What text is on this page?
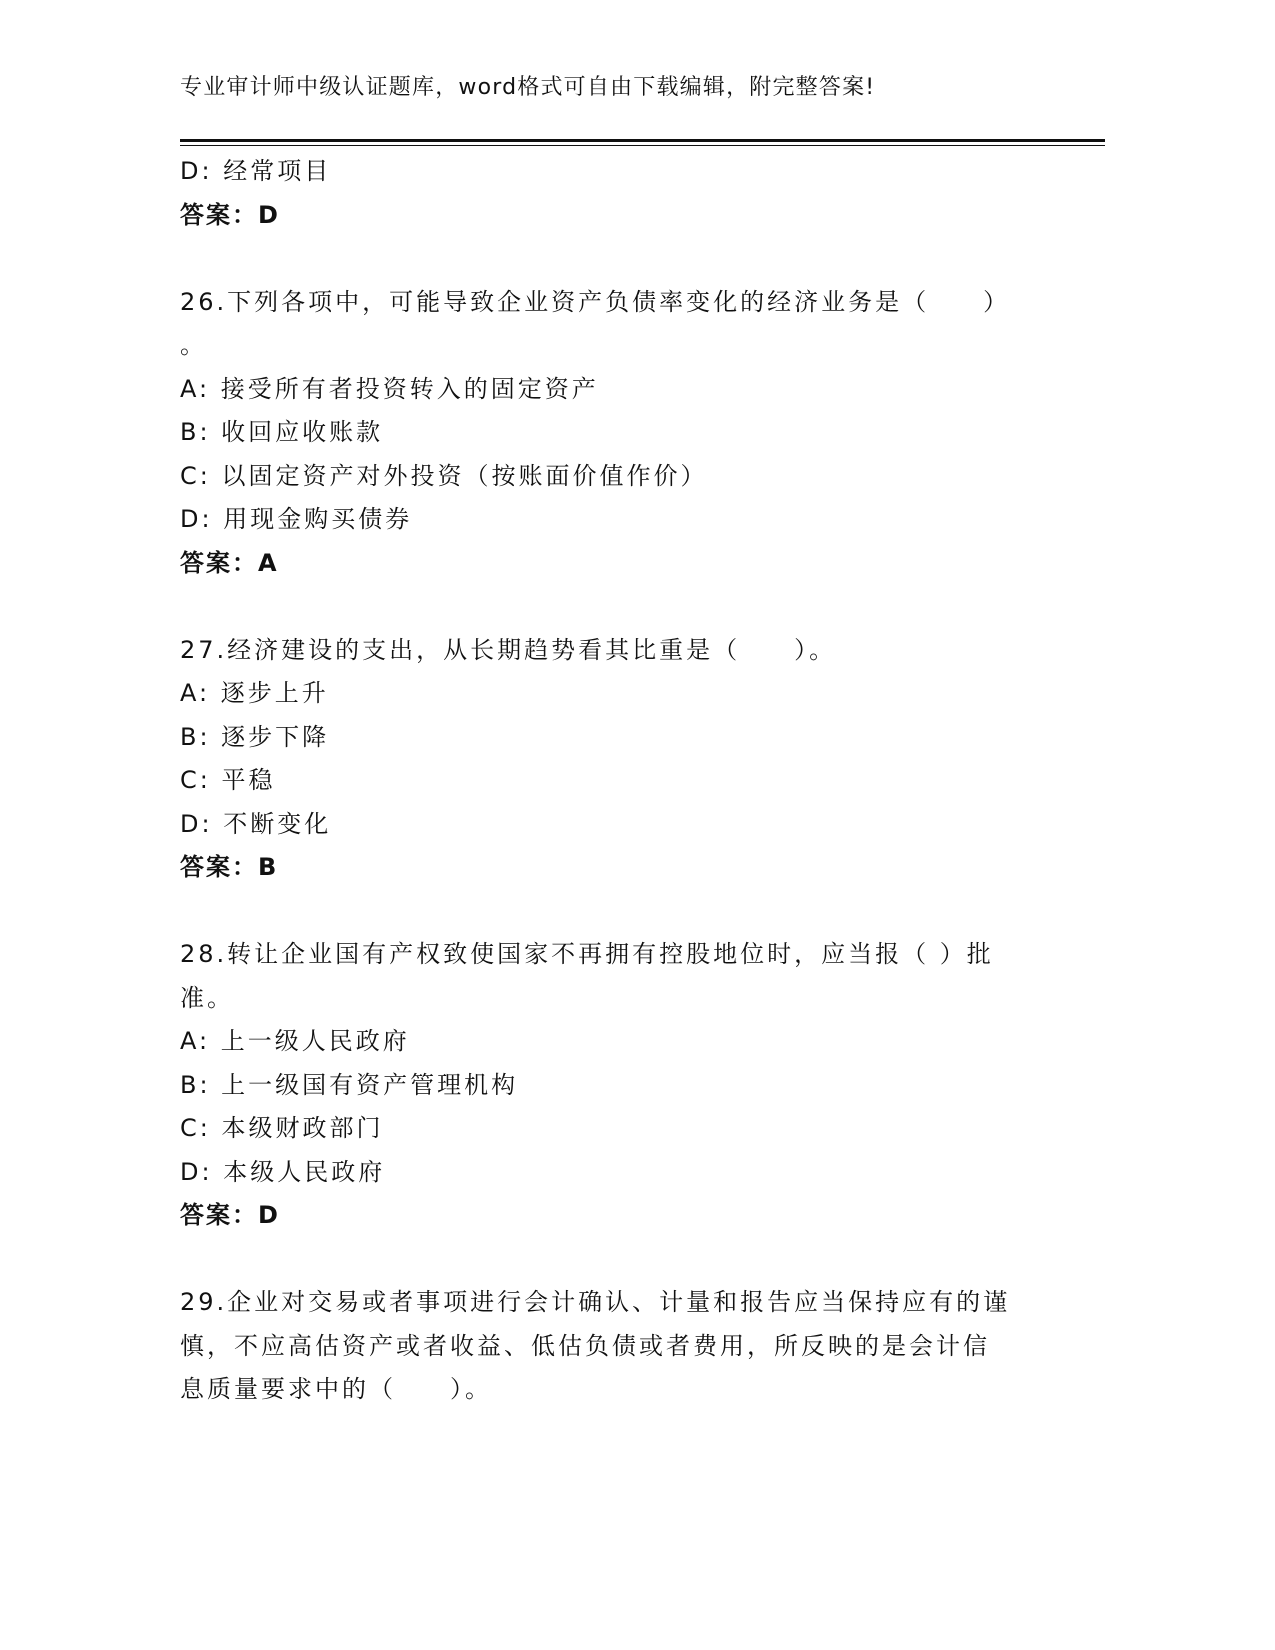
专业审计师中级认证题库，word格式可自由下载编辑，附完整答案!
D: 经常项目
答案：D
26.下列各项中，可能导致企业资产负债率变化的经济业务是（　　）
。
A: 接受所有者投资转入的固定资产
B: 收回应收账款
C: 以固定资产对外投资（按账面价值作价）
D: 用现金购买债券
答案：A
27.经济建设的支出，从长期趋势看其比重是（　　）。
A: 逐步上升
B: 逐步下降
C: 平稳
D: 不断变化
答案：B
28.转让企业国有产权致使国家不再拥有控股地位时，应当报（ ）批
准。
A: 上一级人民政府
B: 上一级国有资产管理机构
C: 本级财政部门
D: 本级人民政府
答案：D
29.企业对交易或者事项进行会计确认、计量和报告应当保持应有的谨
慎，不应高估资产或者收益、低估负债或者费用，所反映的是会计信
息质量要求中的（　　）。
